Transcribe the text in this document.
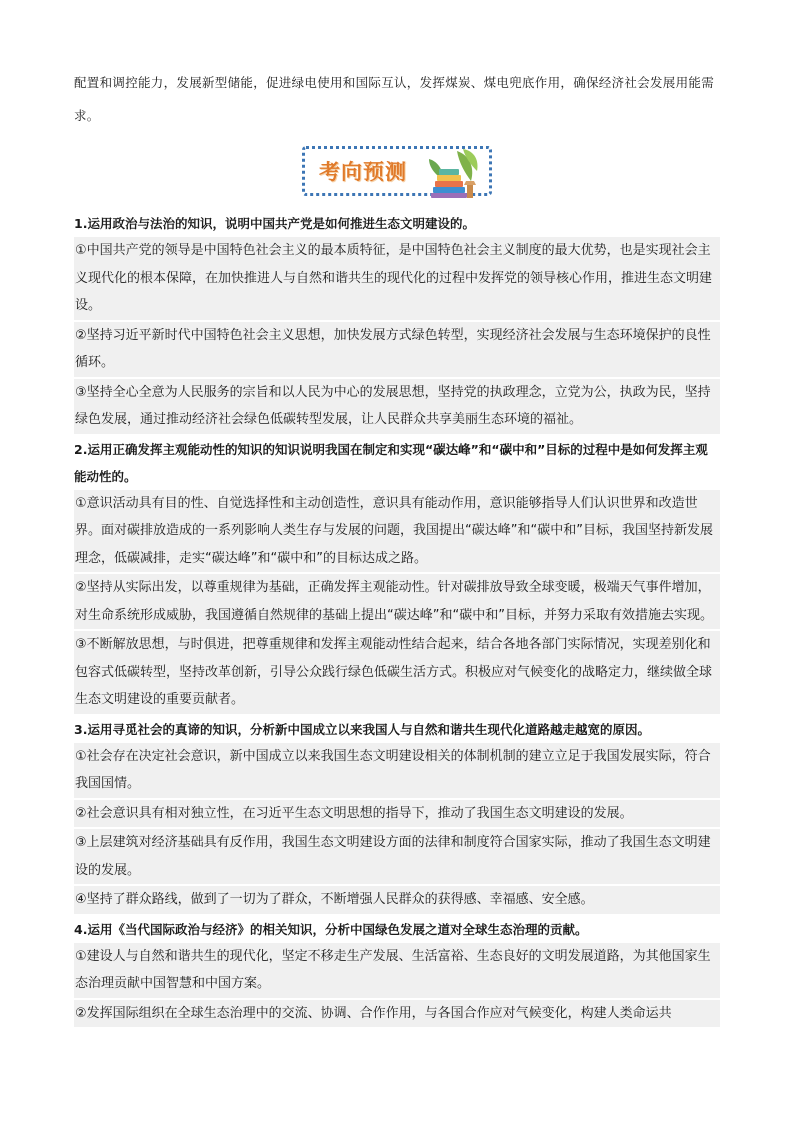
配置和调控能力，发展新型储能，促进绿电使用和国际互认，发挥煤炭、煤电兜底作用，确保经济社会发展用能需求。

考向预测

1.运用政治与法治的知识，说明中国共产党是如何推进生态文明建设的。

①中国共产党的领导是中国特色社会主义的最本质特征，是中国特色社会主义制度的最大优势，也是实现社会主义现代化的根本保障，在加快推进人与自然和谐共生的现代化的过程中发挥党的领导核心作用，推进生态文明建设。

②坚持习近平新时代中国特色社会主义思想，加快发展方式绿色转型，实现经济社会发展与生态环境保护的良性循环。

③坚持全心全意为人民服务的宗旨和以人民为中心的发展思想，坚持党的执政理念，立党为公，执政为民，坚持绿色发展，通过推动经济社会绿色低碳转型发展，让人民群众共享美丽生态环境的福祉。

2.运用正确发挥主观能动性的知识的知识说明我国在制定和实现“碳达峰”和“碳中和”目标的过程中是如何发挥主观能动性的。

①意识活动具有目的性、自觉选择性和主动创造性，意识具有能动作用，意识能够指导人们认识世界和改造世界。面对碳排放造成的一系列影响人类生存与发展的问题，我国提出“碳达峰”和“碳中和”目标，我国坚持新发展理念，低碳减排，走实“碳达峰”和“碳中和”的目标达成之路。

②坚持从实际出发，以尊重规律为基础，正确发挥主观能动性。针对碳排放导致全球变暖，极端天气事件增加，对生命系统形成威胁，我国遵循自然规律的基础上提出“碳达峰”和“碳中和”目标，并努力采取有效措施去实现。

③不断解放思想，与时俱进，把尊重规律和发挥主观能动性结合起来，结合各地各部门实际情况，实现差别化和包容式低碳转型，坚持改革创新，引导公众践行绿色低碳生活方式。积极应对气候变化的战略定力，继续做全球生态文明建设的重要贡献者。

3.运用寻觅社会的真谛的知识，分析新中国成立以来我国人与自然和谐共生现代化道路越走越宽的原因。

①社会存在决定社会意识，新中国成立以来我国生态文明建设相关的体制机制的建立立足于我国发展实际，符合我国国情。

②社会意识具有相对独立性，在习近平生态文明思想的指导下，推动了我国生态文明建设的发展。

③上层建筑对经济基础具有反作用，我国生态文明建设方面的法律和制度符合国家实际，推动了我国生态文明建设的发展。

④坚持了群众路线，做到了一切为了群众，不断增强人民群众的获得感、幸福感、安全感。

4.运用《当代国际政治与经济》的相关知识，分析中国绿色发展之道对全球生态治理的贡献。

①建设人与自然和谐共生的现代化，坚定不移走生产发展、生活富裕、生态良好的文明发展道路，为其他国家生态治理贡献中国智慧和中国方案。

②发挥国际组织在全球生态治理中的交流、协调、合作作用，与各国合作应对气候变化，构建人类命运共
